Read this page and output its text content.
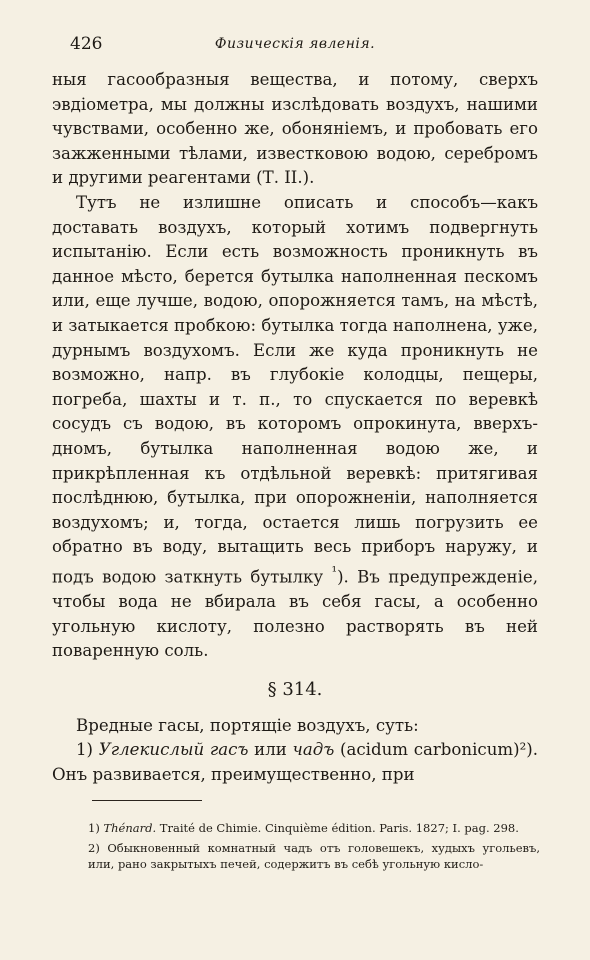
426	Физическія явленія.

ныя гасообразныя вещества, и потому, сверхъ эвдіометра, мы должны изслѣдовать воздухъ, нашими чувствами, особенно же, обоняніемъ, и пробовать его зажженными тѣлами, известковою водою, серебромъ и другими реагентами (Т. II.).

Тутъ не излишне описать и способъ—какъ доставать воздухъ, который хотимъ подвергнуть испытанію. Если есть возможность проникнуть въ данное мѣсто, берется бутылка наполненная пескомъ или, еще лучше, водою, опорожняется тамъ, на мѣстѣ, и затыкается пробкою: бутылка тогда наполнена, уже, дурнымъ воздухомъ. Если же куда проникнуть не возможно, напр. въ глубокіе колодцы, пещеры, погреба, шахты и т. п., то спускается по веревкѣ сосудъ съ водою, въ которомъ опрокинута, вверхъ-дномъ, бутылка наполненная водою же, и прикрѣпленная къ отдѣльной веревкѣ: притягивая послѣднюю, бутылка, при опорожненіи, наполняется воздухомъ; и, тогда, остается лишь погрузить ее обратно въ воду, вытащить весь приборъ наружу, и подъ водою заткнуть бутылку $^{^1}$). Въ предупрежденіе, чтобы вода не вбирала въ себя гасы, а особенно угольную кислоту, полезно растворять въ ней поваренную соль.

§ 314.

Вредные гасы, портящіе воздухъ, суть:

1) Углекислый гасъ или чадъ (acidum carbonicum)²). Онъ развивается, преимущественно, при

1) Thénard. Traité de Chimie. Cinquième édition. Paris. 1827; I. pag. 298.

2) Обыкновенный комнатный чадъ отъ головешекъ, худыхъ угольевъ, или, рано закрытыхъ печей, содержитъ въ себѣ угольную кисло-
